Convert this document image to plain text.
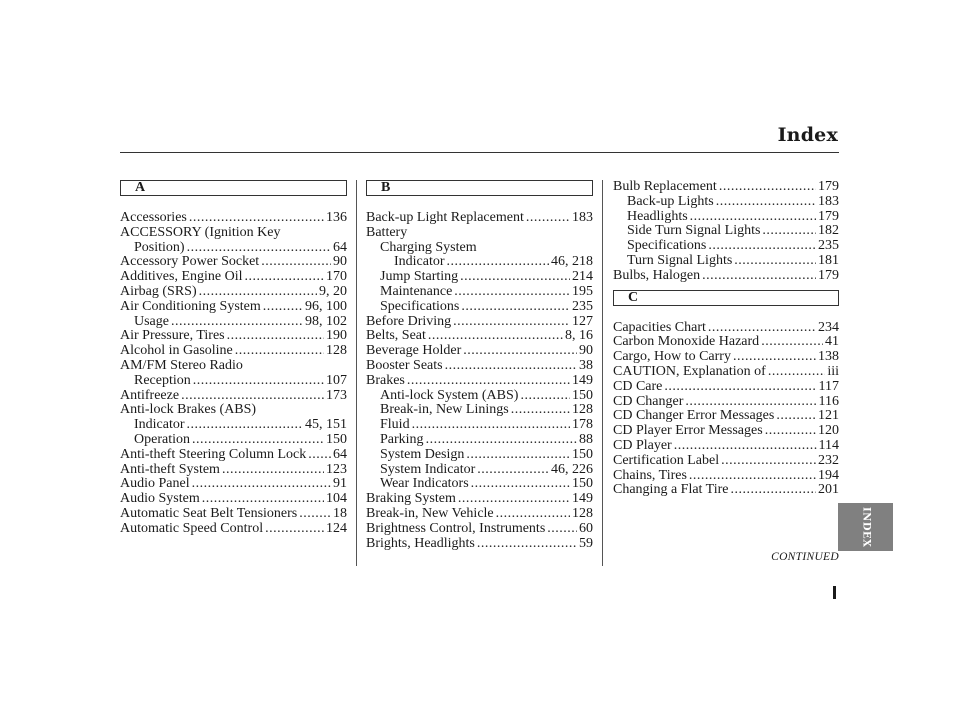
Index
A
Accessories .....	136
ACCESSORY (Ignition Key
Position) .....	64
Accessory Power Socket .....	90
Additives, Engine Oil .....	170
Airbag (SRS) .....	9, 20
Air Conditioning System .....	96, 100
Usage .....	98, 102
Air Pressure, Tires .....	190
Alcohol in Gasoline .....	128
AM/FM Stereo Radio
Reception .....	107
Antifreeze .....	173
Anti-lock Brakes (ABS)
Indicator .....	45, 151
Operation .....	150
Anti-theft Steering Column Lock ..... 64
Anti-theft System .....	123
Audio Panel .....	91
Audio System .....	104
Automatic Seat Belt Tensioners .....	18
Automatic Speed Control .....	124
B
Back-up Light Replacement .....	183
Battery
Charging System
Indicator .....	46, 218
Jump Starting .....	214
Maintenance .....	195
Specifications .....	235
Before Driving .....	127
Belts, Seat .....	8, 16
Beverage Holder .....	90
Booster Seats .....	38
Brakes .....	149
Anti-lock System (ABS) .....	150
Break-in, New Linings .....	128
Fluid .....	178
Parking .....	88
System Design .....	150
System Indicator .....	46, 226
Wear Indicators .....	150
Braking System .....	149
Break-in, New Vehicle .....	128
Brightness Control, Instruments ..... 60
Brights, Headlights .....	59
Bulb Replacement .....	179
Back-up Lights .....	183
Headlights .....	179
Side Turn Signal Lights .....	182
Specifications .....	235
Turn Signal Lights .....	181
Bulbs, Halogen .....	179
C
Capacities Chart .....	234
Carbon Monoxide Hazard .....	41
Cargo, How to Carry .....	138
CAUTION, Explanation of .....	iii
CD Care .....	117
CD Changer .....	116
CD Changer Error Messages .....	121
CD Player Error Messages .....	120
CD Player .....	114
Certification Label .....	232
Chains, Tires .....	194
Changing a Flat Tire .....	201
INDEX
CONTINUED
